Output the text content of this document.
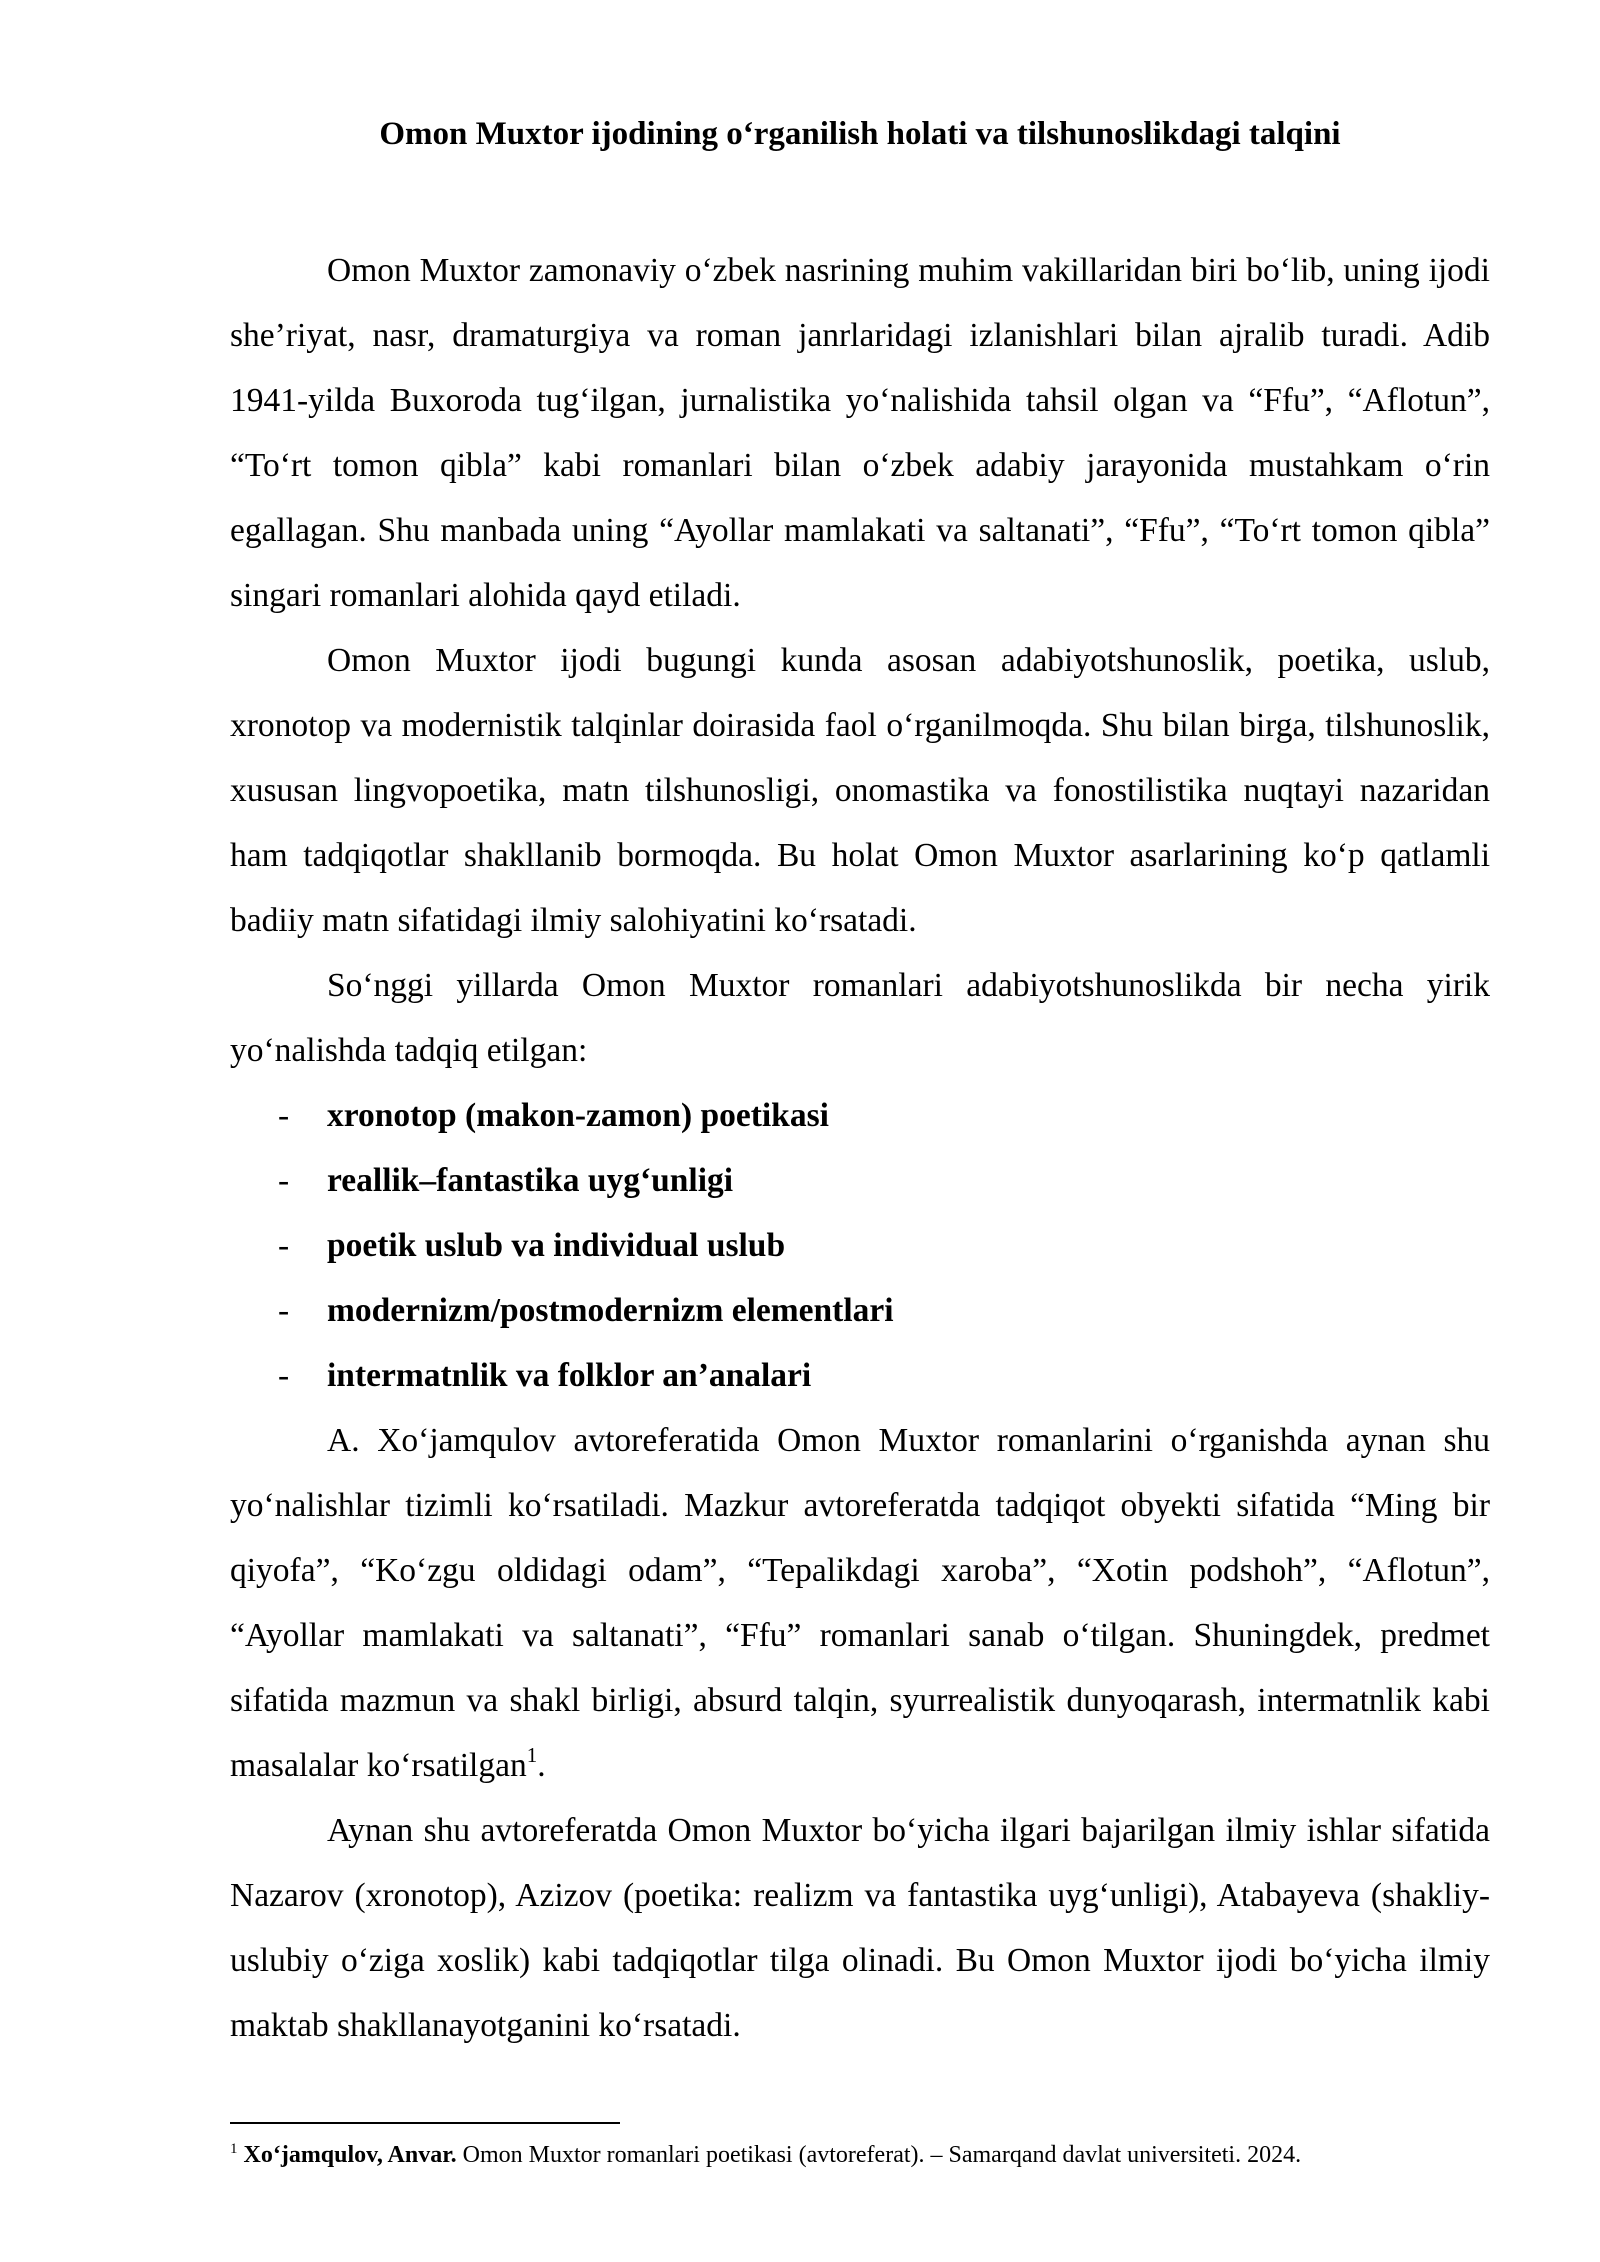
Omon Muxtor ijodining o‘rganilish holati va tilshunoslikdagi talqini

Omon Muxtor zamonaviy o‘zbek nasrining muhim vakillaridan biri bo‘lib, uning ijodi she’riyat, nasr, dramaturgiya va roman janrlaridagi izlanishlari bilan ajralib turadi. Adib 1941-yilda Buxoroda tug‘ilgan, jurnalistika yo‘nalishida tahsil olgan va “Ffu”, “Aflotun”, “To‘rt tomon qibla” kabi romanlari bilan o‘zbek adabiy jarayonida mustahkam o‘rin egallagan. Shu manbada uning “Ayollar mamlakati va saltanati”, “Ffu”, “To‘rt tomon qibla” singari romanlari alohida qayd etiladi.

Omon Muxtor ijodi bugungi kunda asosan adabiyotshunoslik, poetika, uslub, xronotop va modernistik talqinlar doirasida faol o‘rganilmoqda. Shu bilan birga, tilshunoslik, xususan lingvopoetika, matn tilshunosligi, onomastika va fonostilistika nuqtayi nazaridan ham tadqiqotlar shakllanib bormoqda. Bu holat Omon Muxtor asarlarining ko‘p qatlamli badiiy matn sifatidagi ilmiy salohiyatini ko‘rsatadi.

So‘nggi yillarda Omon Muxtor romanlari adabiyotshunoslikda bir necha yirik yo‘nalishda tadqiq etilgan:

- xronotop (makon-zamon) poetikasi
- reallik–fantastika uyg‘unligi
- poetik uslub va individual uslub
- modernizm/postmodernizm elementlari
- intermatnlik va folklor an’analari

A. Xo‘jamqulov avtoreferatida Omon Muxtor romanlarini o‘rganishda aynan shu yo‘nalishlar tizimli ko‘rsatiladi. Mazkur avtoreferatda tadqiqot obyekti sifatida “Ming bir qiyofa”, “Ko‘zgu oldidagi odam”, “Tepalikdagi xaroba”, “Xotin podshoh”, “Aflotun”, “Ayollar mamlakati va saltanati”, “Ffu” romanlari sanab o‘tilgan. Shuningdek, predmet sifatida mazmun va shakl birligi, absurd talqin, syurrealistik dunyoqarash, intermatnlik kabi masalalar ko‘rsatilgan$^1$.

Aynan shu avtoreferatda Omon Muxtor bo‘yicha ilgari bajarilgan ilmiy ishlar sifatida Nazarov (xronotop), Azizov (poetika: realizm va fantastika uyg‘unligi), Atabayeva (shakliy-uslubiy o‘ziga xoslik) kabi tadqiqotlar tilga olinadi. Bu Omon Muxtor ijodi bo‘yicha ilmiy maktab shakllanayotganini ko‘rsatadi.

$^1$ Xo‘jamqulov, Anvar. Omon Muxtor romanlari poetikasi (avtoreferat). – Samarqand davlat universiteti. 2024.
